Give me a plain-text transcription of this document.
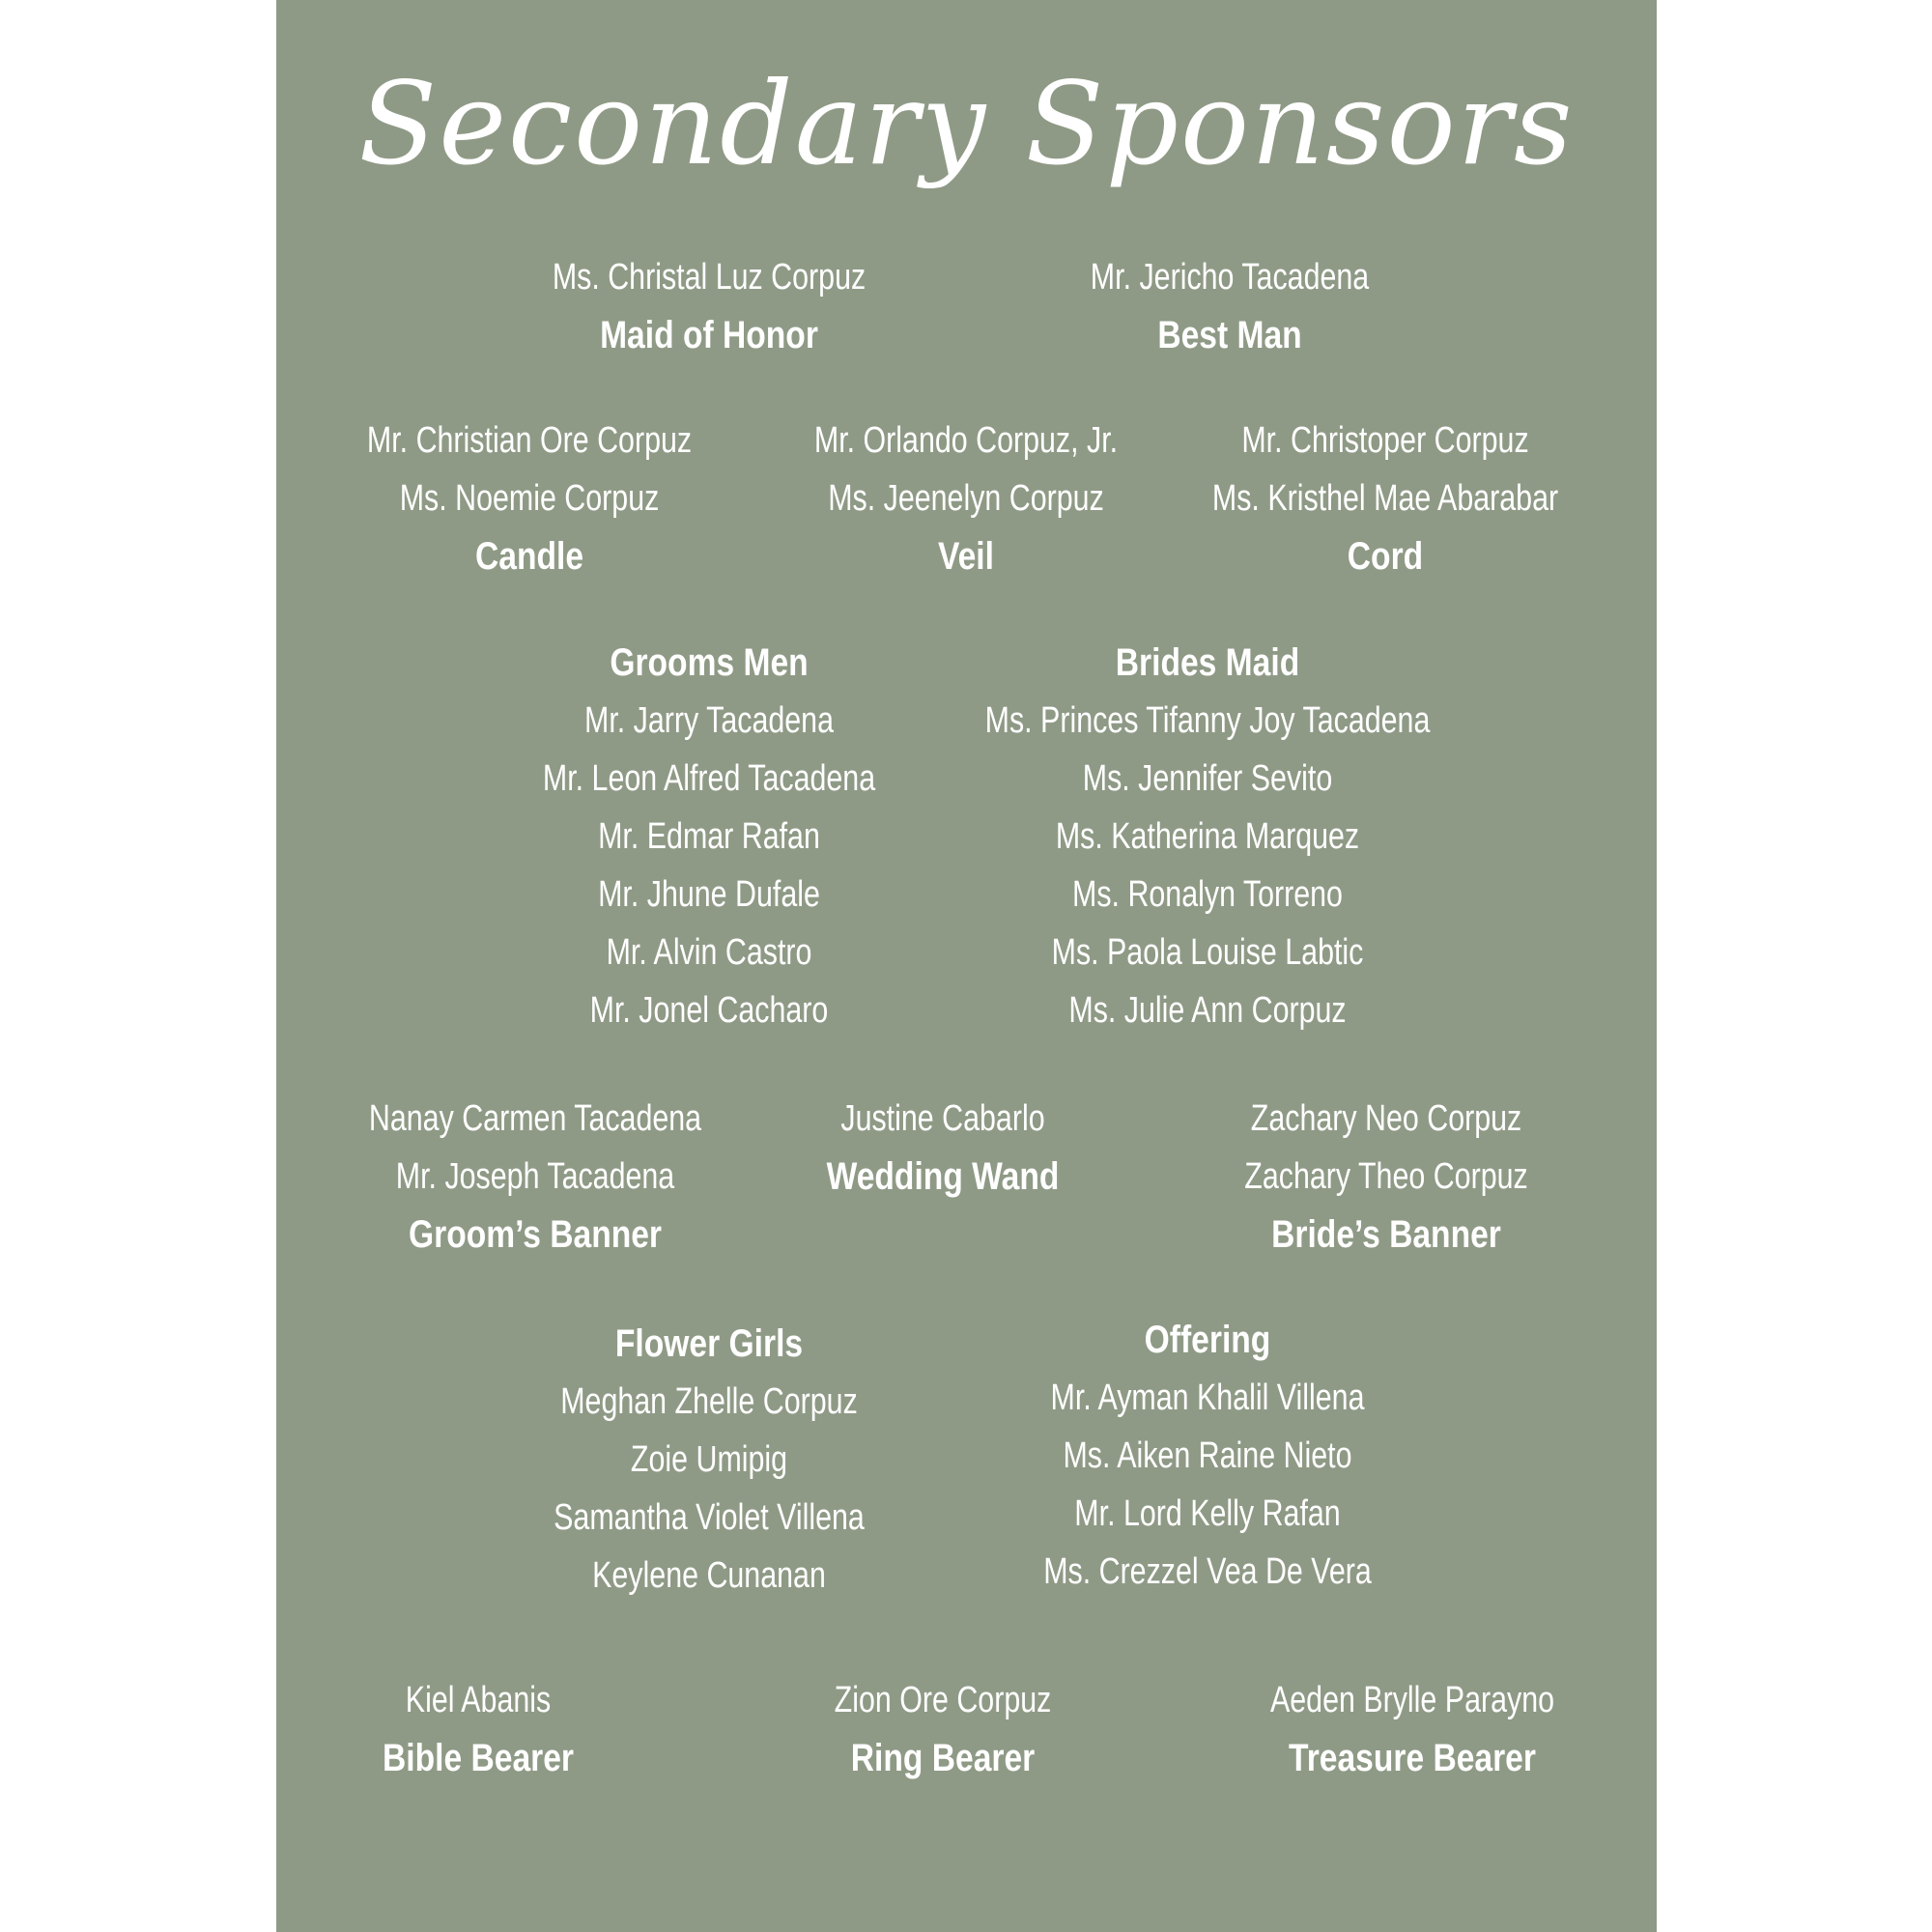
Secondary Sponsors
Ms. Christal Luz Corpuz
Maid of Honor
Mr. Jericho Tacadena
Best Man
Mr. Christian Ore Corpuz
Ms. Noemie Corpuz
Candle
Mr. Orlando Corpuz, Jr.
Ms. Jeenelyn Corpuz
Veil
Mr. Christoper Corpuz
Ms. Kristhel Mae Abarabar
Cord
Grooms Men
Mr. Jarry Tacadena
Mr. Leon Alfred Tacadena
Mr. Edmar Rafan
Mr. Jhune Dufale
Mr. Alvin Castro
Mr. Jonel Cacharo
Brides Maid
Ms. Princes Tifanny Joy Tacadena
Ms. Jennifer Sevito
Ms. Katherina Marquez
Ms. Ronalyn Torreno
Ms. Paola Louise Labtic
Ms. Julie Ann Corpuz
Nanay Carmen Tacadena
Mr. Joseph Tacadena
Groom’s Banner
Justine Cabarlo
Wedding Wand
Zachary Neo Corpuz
Zachary Theo Corpuz
Bride’s Banner
Flower Girls
Meghan Zhelle Corpuz
Zoie Umipig
Samantha Violet Villena
Keylene Cunanan
Offering
Mr. Ayman Khalil Villena
Ms. Aiken Raine Nieto
Mr. Lord Kelly Rafan
Ms. Crezzel Vea De Vera
Kiel Abanis
Bible Bearer
Zion Ore Corpuz
Ring Bearer
Aeden Brylle Parayno
Treasure Bearer
